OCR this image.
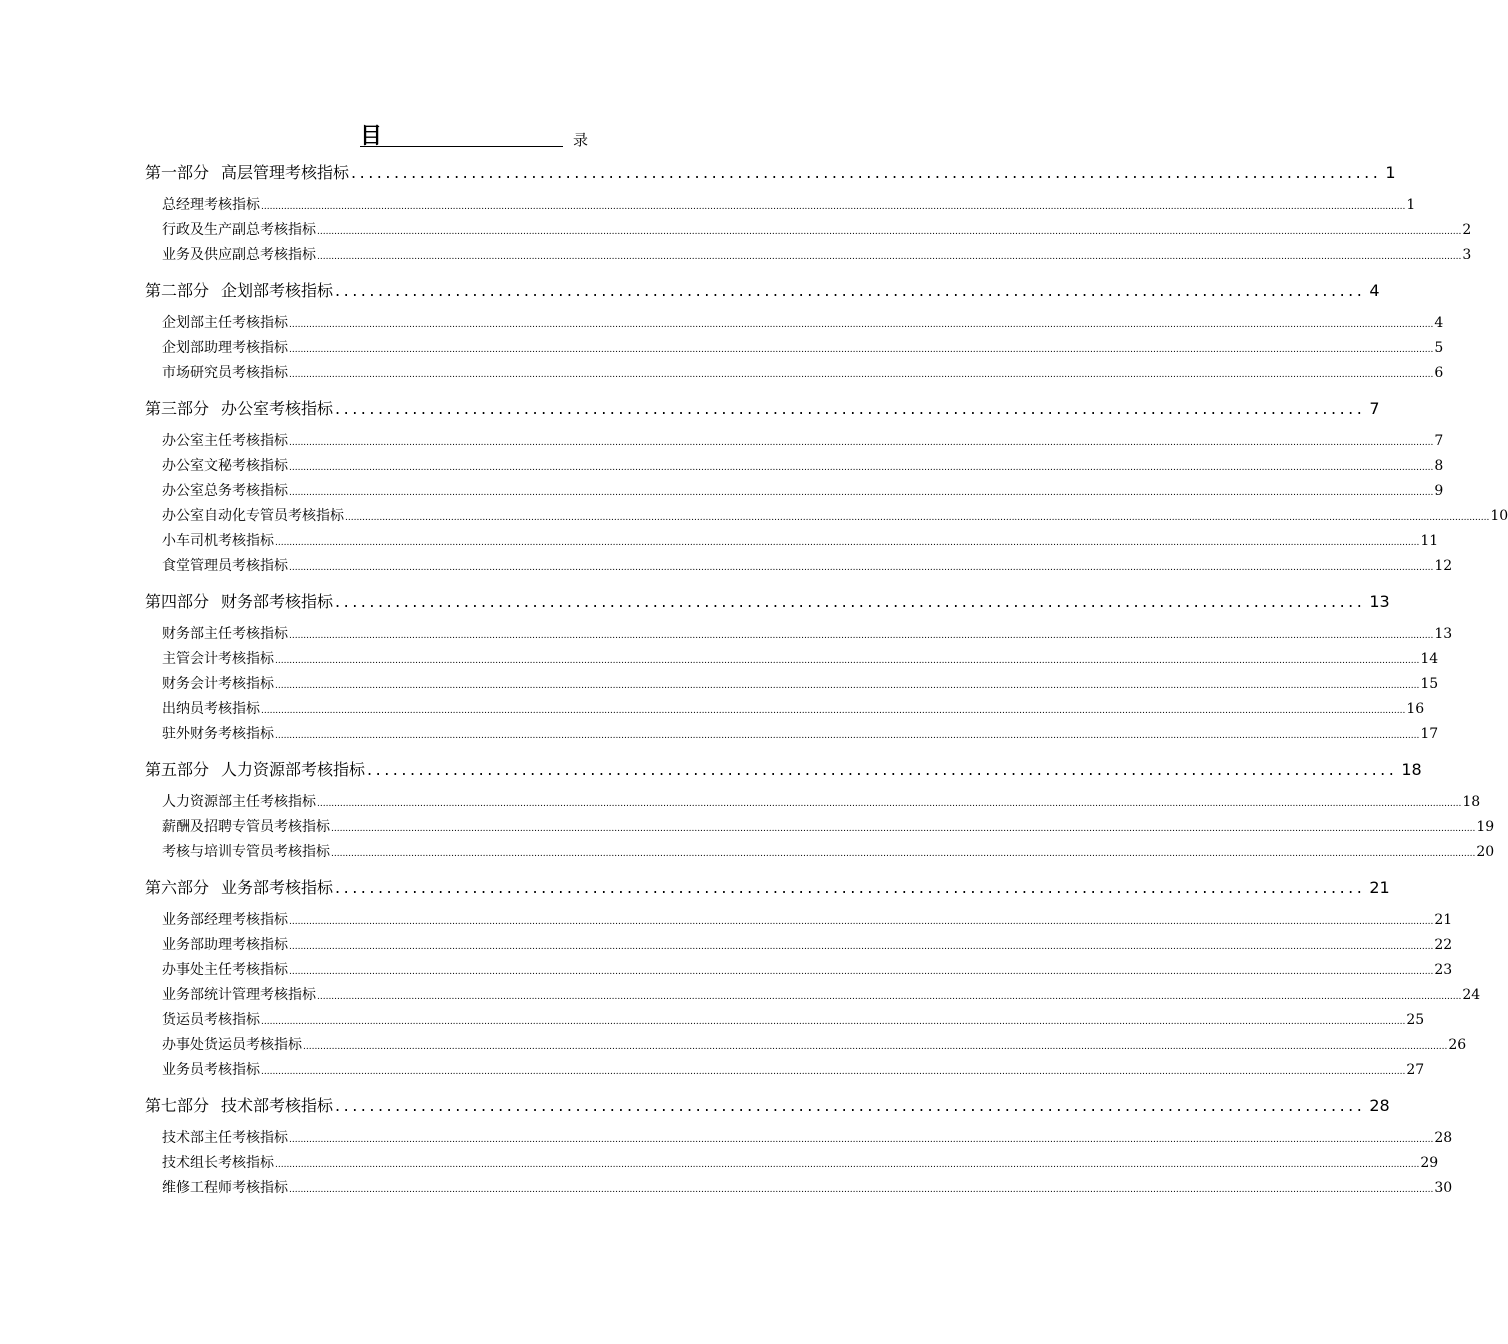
目	录
第一部分 高层管理考核指标 ........................................................................................................................ 1
总经理考核指标 ................................................................................................................................................................................................................................................................................................................................................................................................................ 1
行政及生产副总考核指标 ................................................................................................................................................................................................................................................................................................................................................................................................................ 2
业务及供应副总考核指标 ................................................................................................................................................................................................................................................................................................................................................................................................................ 3
第二部分 企划部考核指标 ........................................................................................................................ 4
企划部主任考核指标 ................................................................................................................................................................................................................................................................................................................................................................................................................ 4
企划部助理考核指标 ................................................................................................................................................................................................................................................................................................................................................................................................................ 5
市场研究员考核指标 ................................................................................................................................................................................................................................................................................................................................................................................................................ 6
第三部分 办公室考核指标 ........................................................................................................................ 7
办公室主任考核指标 ................................................................................................................................................................................................................................................................................................................................................................................................................ 7
办公室文秘考核指标 ................................................................................................................................................................................................................................................................................................................................................................................................................ 8
办公室总务考核指标 ................................................................................................................................................................................................................................................................................................................................................................................................................ 9
办公室自动化专管员考核指标 ................................................................................................................................................................................................................................................................................................................................................................................................................ 10
小车司机考核指标 ................................................................................................................................................................................................................................................................................................................................................................................................................ 11
食堂管理员考核指标 ................................................................................................................................................................................................................................................................................................................................................................................................................ 12
第四部分 财务部考核指标 ........................................................................................................................ 13
财务部主任考核指标 ................................................................................................................................................................................................................................................................................................................................................................................................................ 13
主管会计考核指标 ................................................................................................................................................................................................................................................................................................................................................................................................................ 14
财务会计考核指标 ................................................................................................................................................................................................................................................................................................................................................................................................................ 15
出纳员考核指标 ................................................................................................................................................................................................................................................................................................................................................................................................................ 16
驻外财务考核指标 ................................................................................................................................................................................................................................................................................................................................................................................................................ 17
第五部分 人力资源部考核指标 ........................................................................................................................ 18
人力资源部主任考核指标 ................................................................................................................................................................................................................................................................................................................................................................................................................ 18
薪酬及招聘专管员考核指标 ................................................................................................................................................................................................................................................................................................................................................................................................................ 19
考核与培训专管员考核指标 ................................................................................................................................................................................................................................................................................................................................................................................................................ 20
第六部分 业务部考核指标 ........................................................................................................................ 21
业务部经理考核指标 ................................................................................................................................................................................................................................................................................................................................................................................................................ 21
业务部助理考核指标 ................................................................................................................................................................................................................................................................................................................................................................................................................ 22
办事处主任考核指标 ................................................................................................................................................................................................................................................................................................................................................................................................................ 23
业务部统计管理考核指标 ................................................................................................................................................................................................................................................................................................................................................................................................................ 24
货运员考核指标 ................................................................................................................................................................................................................................................................................................................................................................................................................ 25
办事处货运员考核指标 ................................................................................................................................................................................................................................................................................................................................................................................................................ 26
业务员考核指标 ................................................................................................................................................................................................................................................................................................................................................................................................................ 27
第七部分 技术部考核指标 ........................................................................................................................ 28
技术部主任考核指标 ................................................................................................................................................................................................................................................................................................................................................................................................................ 28
技术组长考核指标 ................................................................................................................................................................................................................................................................................................................................................................................................................ 29
维修工程师考核指标 ................................................................................................................................................................................................................................................................................................................................................................................................................ 30
